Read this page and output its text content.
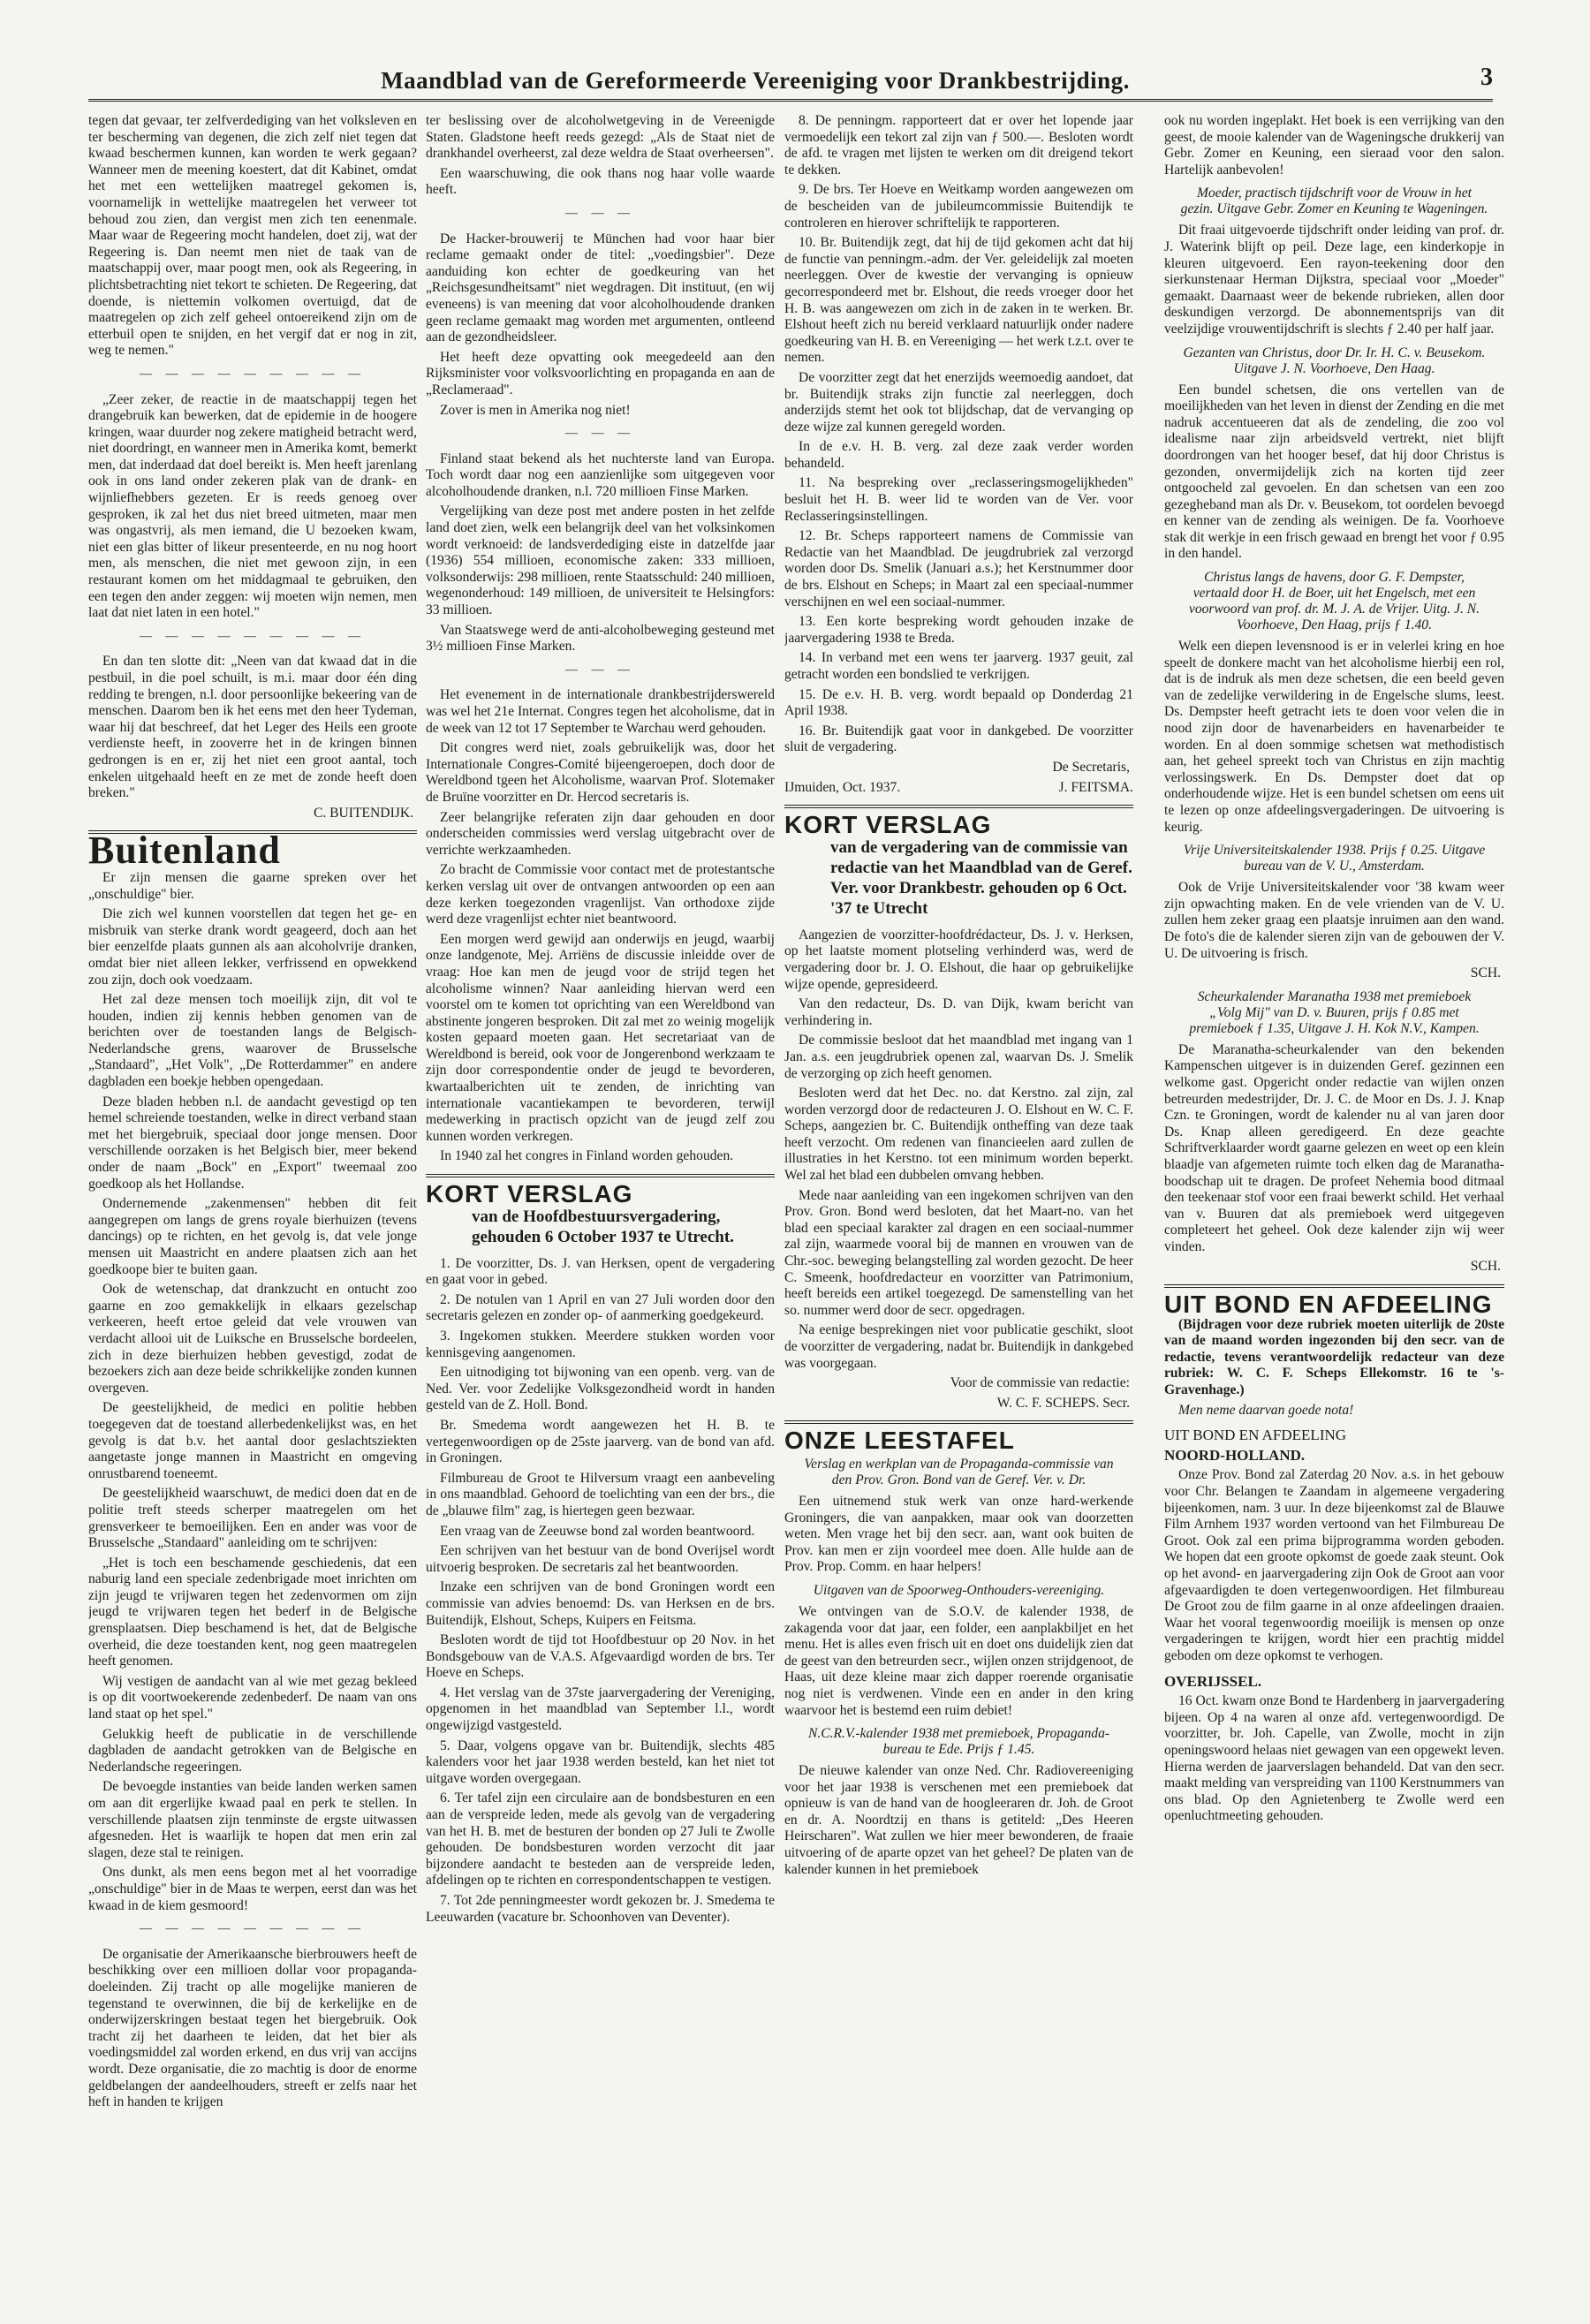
Maandblad van de Gereformeerde Vereeniging voor Drankbestrijding.	3

tegen dat gevaar, ter zelfverdediging van het volksleven en ter bescherming van degenen, die zich zelf niet tegen dat kwaad beschermen kunnen, kan worden te werk gegaan? Wanneer men de meening koestert, dat dit Kabinet, omdat het met een wettelijken maatregel gekomen is, voornamelijk in wettelijke maatregelen het verweer tot behoud zou zien, dan vergist men zich ten eenenmale. Maar waar de Regeering mocht handelen, doet zij, wat der Regeering is. Dan neemt men niet de taak van de maatschappij over, maar poogt men, ook als Regeering, in plichtsbetrachting niet tekort te schieten. De Regeering, dat doende, is niettemin volkomen overtuigd, dat de maatregelen op zich zelf geheel ontoereikend zijn om de etterbuil open te snijden, en het vergif dat er nog in zit, weg te nemen."

— — — — — — — — —

„Zeer zeker, de reactie in de maatschappij tegen het drangebruik kan bewerken, dat de epidemie in de hoogere kringen, waar duurder nog zekere matigheid betracht werd, niet doordringt, en wanneer men in Amerika komt, bemerkt men, dat inderdaad dat doel bereikt is. Men heeft jarenlang ook in ons land onder zekeren plak van de drank- en wijnliefhebbers gezeten. Er is reeds genoeg over gesproken, ik zal het dus niet breed uitmeten, maar men was ongastvrij, als men iemand, die U bezoeken kwam, niet een glas bitter of likeur presenteerde, en nu nog hoort men, als menschen, die niet met gewoon zijn, in een restaurant komen om het middagmaal te gebruiken, den een tegen den ander zeggen: wij moeten wijn nemen, men laat dat niet laten in een hotel."

— — — — — — — — —

En dan ten slotte dit: „Neen van dat kwaad dat in die pestbuil, in die poel schuilt, is m.i. maar door één ding redding te brengen, n.l. door persoonlijke bekeering van de menschen. Daarom ben ik het eens met den heer Tydeman, waar hij dat beschreef, dat het Leger des Heils een groote verdienste heeft, in zooverre het in de kringen binnen gedrongen is en er, zij het niet een groot aantal, toch enkelen uitgehaald heeft en ze met de zonde heeft doen breken."

C. BUITENDIJK.
Buitenland

Er zijn mensen die gaarne spreken over het „onschuldige" bier.

Die zich wel kunnen voorstellen dat tegen het ge- en misbruik van sterke drank wordt geageerd, doch aan het bier eenzelfde plaats gunnen als aan alcoholvrije dranken, omdat bier niet alleen lekker, verfrissend en opwekkend zou zijn, doch ook voedzaam.

Het zal deze mensen toch moeilijk zijn, dit vol te houden, indien zij kennis hebben genomen van de berichten over de toestanden langs de Belgisch-Nederlandsche grens, waarover de Brusselsche „Standaard", „Het Volk", „De Rotterdammer" en andere dagbladen een boekje hebben opengedaan.

Deze bladen hebben n.l. de aandacht gevestigd op ten hemel schreiende toestanden, welke in direct verband staan met het biergebruik, speciaal door jonge mensen. Door verschillende oorzaken is het Belgisch bier, meer bekend onder de naam „Bock" en „Export" tweemaal zoo goedkoop als het Hollandse.

Ondernemende „zakenmensen" hebben dit feit aangegrepen om langs de grens royale bierhuizen (tevens dancings) op te richten, en het gevolg is, dat vele jonge mensen uit Maastricht en andere plaatsen zich aan het goedkoope bier te buiten gaan.

Ook de wetenschap, dat drankzucht en ontucht zoo gaarne en zoo gemakkelijk in elkaars gezelschap verkeeren, heeft ertoe geleid dat vele vrouwen van verdacht allooi uit de Luiksche en Brusselsche bordeelen, zich in deze bierhuizen hebben gevestigd, zodat de bezoekers zich aan deze beide schrikkelijke zonden kunnen overgeven.

De geestelijkheid, de medici en politie hebben toegegeven dat de toestand allerbedenkelijkst was, en het gevolg is dat b.v. het aantal door geslachtsziekten aangetaste jonge mannen in Maastricht en omgeving onrustbarend toeneemt.

De geestelijkheid waarschuwt, de medici doen dat en de politie treft steeds scherper maatregelen om het grensverkeer te bemoeilijken. Een en ander was voor de Brusselsche „Standaard" aanleiding om te schrijven:

„Het is toch een beschamende geschiedenis, dat een naburig land een speciale zedenbrigade moet inrichten om zijn jeugd te vrijwaren tegen het zedenvormen om zijn jeugd te vrijwaren tegen het bederf in de Belgische grensplaatsen. Diep beschamend is het, dat de Belgische overheid, die deze toestanden kent, nog geen maatregelen heeft genomen.

Wij vestigen de aandacht van al wie met gezag bekleed is op dit voortwoekerende zedenbederf. De naam van ons land staat op het spel."

Gelukkig heeft de publicatie in de verschillende dagbladen de aandacht getrokken van de Belgische en Nederlandsche regeeringen.

De bevoegde instanties van beide landen werken samen om aan dit ergerlijke kwaad paal en perk te stellen. In verschillende plaatsen zijn tenminste de ergste uitwassen afgesneden. Het is waarlijk te hopen dat men erin zal slagen, deze stal te reinigen.

Ons dunkt, als men eens begon met al het voorradige „onschuldige" bier in de Maas te werpen, eerst dan was het kwaad in de kiem gesmoord!

— — — — — — — — —

De organisatie der Amerikaansche bierbrouwers heeft de beschikking over een millioen dollar voor propaganda-doeleinden. Zij tracht op alle mogelijke manieren de tegenstand te overwinnen, die bij de kerkelijke en de onderwijzerskringen bestaat tegen het biergebruik. Ook tracht zij het daarheen te leiden, dat het bier als voedingsmiddel zal worden erkend, en dus vrij van accijns wordt. Deze organisatie, die zo machtig is door de enorme geldbelangen der aandeelhouders, streeft er zelfs naar het heft in handen te krijgen

ter beslissing over de alcoholwetgeving in de Vereenigde Staten. Gladstone heeft reeds gezegd: „Als de Staat niet de drankhandel overheerst, zal deze weldra de Staat overheersen".

Een waarschuwing, die ook thans nog haar volle waarde heeft.

— — —

De Hacker-brouwerij te München had voor haar bier reclame gemaakt onder de titel: „voedingsbier". Deze aanduiding kon echter de goedkeuring van het „Reichsgesundheitsamt" niet wegdragen. Dit instituut, (en wij eveneens) is van meening dat voor alcoholhoudende dranken geen reclame gemaakt mag worden met argumenten, ontleend aan de gezondheidsleer.

Het heeft deze opvatting ook meegedeeld aan den Rijksminister voor volksvoorlichting en propaganda en aan de „Reclameraad".

Zover is men in Amerika nog niet!

— — —

Finland staat bekend als het nuchterste land van Europa. Toch wordt daar nog een aanzienlijke som uitgegeven voor alcoholhoudende dranken, n.l. 720 millioen Finse Marken.

Vergelijking van deze post met andere posten in het zelfde land doet zien, welk een belangrijk deel van het volksinkomen wordt verknoeid: de landsverdediging eiste in datzelfde jaar (1936) 554 millioen, economische zaken: 333 millioen, volksonderwijs: 298 millioen, rente Staatsschuld: 240 millioen, wegenonderhoud: 149 millioen, de universiteit te Helsingfors: 33 millioen.

Van Staatswege werd de anti-alcoholbeweging gesteund met 3½ millioen Finse Marken.

— — —

Het evenement in de internationale drankbestrijderswereld was wel het 21e Internat. Congres tegen het alcoholisme, dat in de week van 12 tot 17 September te Warchau werd gehouden.

Dit congres werd niet, zoals gebruikelijk was, door het Internationale Congres-Comité bijeengeroepen, doch door de Wereldbond tgeen het Alcoholisme, waarvan Prof. Slotemaker de Bruïne voorzitter en Dr. Hercod secretaris is.

Zeer belangrijke referaten zijn daar gehouden en door onderscheiden commissies werd verslag uitgebracht over de verrichte werkzaamheden.

Zo bracht de Commissie voor contact met de protestantsche kerken verslag uit over de ontvangen antwoorden op een aan deze kerken toegezonden vragenlijst. Van orthodoxe zijde werd deze vragenlijst echter niet beantwoord.

Een morgen werd gewijd aan onderwijs en jeugd, waarbij onze landgenote, Mej. Arriëns de discussie inleidde over de vraag: Hoe kan men de jeugd voor de strijd tegen het alcoholisme winnen? Naar aanleiding hiervan werd een voorstel om te komen tot oprichting van een Wereldbond van abstinente jongeren besproken. Dit zal met zo weinig mogelijk kosten gepaard moeten gaan. Het secretariaat van de Wereldbond is bereid, ook voor de Jongerenbond werkzaam te zijn door correspondentie onder de jeugd te bevorderen, kwartaalberichten uit te zenden, de inrichting van internationale vacantiekampen te bevorderen, terwijl medewerking in practisch opzicht van de jeugd zelf zou kunnen worden verkregen.

In 1940 zal het congres in Finland worden gehouden.

KORT VERSLAG
van de Hoofdbestuursvergadering, gehouden 6 October 1937 te Utrecht.

1. De voorzitter, Ds. J. van Herksen, opent de vergadering en gaat voor in gebed.

2. De notulen van 1 April en van 27 Juli worden door den secretaris gelezen en zonder op- of aanmerking goedgekeurd.

3. Ingekomen stukken. Meerdere stukken worden voor kennisgeving aangenomen.

Een uitnodiging tot bijwoning van een openb. verg. van de Ned. Ver. voor Zedelijke Volksgezondheid wordt in handen gesteld van de Z. Holl. Bond.

Br. Smedema wordt aangewezen het H. B. te vertegenwoordigen op de 25ste jaarverg. van de bond van afd. in Groningen.

Filmbureau de Groot te Hilversum vraagt een aanbeveling in ons maandblad. Gehoord de toelichting van een der brs., die de „blauwe film" zag, is hiertegen geen bezwaar.

Een vraag van de Zeeuwse bond zal worden beantwoord.

Een schrijven van het bestuur van de bond Overijsel wordt uitvoerig besproken. De secretaris zal het beantwoorden.

Inzake een schrijven van de bond Groningen wordt een commissie van advies benoemd: Ds. van Herksen en de brs. Buitendijk, Elshout, Scheps, Kuipers en Feitsma.

Besloten wordt de tijd tot Hoofdbestuur op 20 Nov. in het Bondsgebouw van de V.A.S. Afgevaardigd worden de brs. Ter Hoeve en Scheps.

4. Het verslag van de 37ste jaarvergadering der Vereniging, opgenomen in het maandblad van September l.l., wordt ongewijzigd vastgesteld.

5. Daar, volgens opgave van br. Buitendijk, slechts 485 kalenders voor het jaar 1938 werden besteld, kan het niet tot uitgave worden overgegaan.

6. Ter tafel zijn een circulaire aan de bondsbesturen en een aan de verspreide leden, mede als gevolg van de vergadering van het H. B. met de besturen der bonden op 27 Juli te Zwolle gehouden. De bondsbesturen worden verzocht dit jaar bijzondere aandacht te besteden aan de verspreide leden, afdelingen op te richten en correspondentschappen te vestigen.

7. Tot 2de penningmeester wordt gekozen br. J. Smedema te Leeuwarden (vacature br. Schoonhoven van Deventer).

8. De penningm. rapporteert dat er over het lopende jaar vermoedelijk een tekort zal zijn van ƒ 500.—. Besloten wordt de afd. te vragen met lijsten te werken om dit dreigend tekort te dekken.

9. De brs. Ter Hoeve en Weitkamp worden aangewezen om de bescheiden van de jubileumcommissie Buitendijk te controleren en hierover schriftelijk te rapporteren.

10. Br. Buitendijk zegt, dat hij de tijd gekomen acht dat hij de functie van penningm.-adm. der Ver. geleidelijk zal moeten neerleggen. Over de kwestie der vervanging is opnieuw gecorrespondeerd met br. Elshout, die reeds vroeger door het H. B. was aangewezen om zich in de zaken in te werken. Br. Elshout heeft zich nu bereid verklaard natuurlijk onder nadere goedkeuring van H. B. en Vereeniging — het werk t.z.t. over te nemen.

De voorzitter zegt dat het enerzijds weemoedig aandoet, dat br. Buitendijk straks zijn functie zal neerleggen, doch anderzijds stemt het ook tot blijdschap, dat de vervanging op deze wijze zal kunnen geregeld worden.

In de e.v. H. B. verg. zal deze zaak verder worden behandeld.

11. Na bespreking over „reclasseringsmogelijkheden" besluit het H. B. weer lid te worden van de Ver. voor Reclasseringsinstellingen.

12. Br. Scheps rapporteert namens de Commissie van Redactie van het Maandblad. De jeugdrubriek zal verzorgd worden door Ds. Smelik (Januari a.s.); het Kerstnummer door de brs. Elshout en Scheps; in Maart zal een speciaal-nummer verschijnen en wel een sociaal-nummer.

13. Een korte bespreking wordt gehouden inzake de jaarvergadering 1938 te Breda.

14. In verband met een wens ter jaarverg. 1937 geuit, zal getracht worden een bondslied te verkrijgen.

15. De e.v. H. B. verg. wordt bepaald op Donderdag 21 April 1938.

16. Br. Buitendijk gaat voor in dankgebed. De voorzitter sluit de vergadering.

De Secretaris,
IJmuiden, Oct. 1937.	J. FEITSMA.
KORT VERSLAG
van de vergadering van de commissie van redactie van het Maandblad van de Geref. Ver. voor Drankbestr. gehouden op 6 Oct. '37 te Utrecht

Aangezien de voorzitter-hoofdrédacteur, Ds. J. v. Herksen, op het laatste moment plotseling verhinderd was, werd de vergadering door br. J. O. Elshout, die haar op gebruikelijke wijze opende, gepresideerd.

Van den redacteur, Ds. D. van Dijk, kwam bericht van verhindering in.

De commissie besloot dat het maandblad met ingang van 1 Jan. a.s. een jeugdrubriek openen zal, waarvan Ds. J. Smelik de verzorging op zich heeft genomen.

Besloten werd dat het Dec. no. dat Kerstno. zal zijn, zal worden verzorgd door de redacteuren J. O. Elshout en W. C. F. Scheps, aangezien br. C. Buitendijk ontheffing van deze taak heeft verzocht. Om redenen van financieelen aard zullen de illustraties in het Kerstno. tot een minimum worden beperkt. Wel zal het blad een dubbelen omvang hebben.

Mede naar aanleiding van een ingekomen schrijven van den Prov. Gron. Bond werd besloten, dat het Maart-no. van het blad een speciaal karakter zal dragen en een sociaal-nummer zal zijn, waarmede vooral bij de mannen en vrouwen van de Chr.-soc. beweging belangstelling zal worden gezocht. De heer C. Smeenk, hoofdredacteur en voorzitter van Patrimonium, heeft bereids een artikel toegezegd. De samenstelling van het so. nummer werd door de secr. opgedragen.

Na eenige besprekingen niet voor publicatie geschikt, sloot de voorzitter de vergadering, nadat br. Buitendijk in dankgebed was voorgegaan.

Voor de commissie van redactie:
W. C. F. SCHEPS. Secr.
ONZE LEESTAFEL
Verslag en werkplan van de Propaganda-commissie van den Prov. Gron. Bond van de Geref. Ver. v. Dr.

Een uitnemend stuk werk van onze hard-werkende Groningers, die van aanpakken, maar ook van doorzetten weten. Men vrage het bij den secr. aan, want ook buiten de Prov. kan men er zijn voordeel mee doen. Alle hulde aan de Prov. Prop. Comm. en haar helpers!

Uitgaven van de Spoorweg-Onthouders-vereeniging.

We ontvingen van de S.O.V. de kalender 1938, de zakagenda voor dat jaar, een folder, een aanplakbiljet en het menu. Het is alles even frisch uit en doet ons duidelijk zien dat de geest van den betreurden secr., wijlen onzen strijdgenoot, de Haas, uit deze kleine maar zich dapper roerende organisatie nog niet is verdwenen. Vinde een en ander in den kring waarvoor het is bestemd een ruim debiet!

N.C.R.V.-kalender 1938 met premieboek, Propaganda-bureau te Ede. Prijs ƒ 1.45.

De nieuwe kalender van onze Ned. Chr. Radiovereeniging voor het jaar 1938 is verschenen met een premieboek dat opnieuw is van de hand van de hoogleeraren dr. Joh. de Groot en dr. A. Noordtzij en thans is getiteld: „Des Heeren Heirscharen". Wat zullen we hier meer bewonderen, de fraaie uitvoering of de aparte opzet van het geheel? De platen van de kalender kunnen in het premieboek

ook nu worden ingeplakt. Het boek is een verrijking van den geest, de mooie kalender van de Wageningsche drukkerij van Gebr. Zomer en Keuning, een sieraad voor den salon. Hartelijk aanbevolen!

Moeder, practisch tijdschrift voor de Vrouw in het gezin. Uitgave Gebr. Zomer en Keuning te Wageningen.

Dit fraai uitgevoerde tijdschrift onder leiding van prof. dr. J. Waterink blijft op peil. Deze lage, een kinderkopje in kleuren uitgevoerd. Een rayon-teekening door den sierkunstenaar Herman Dijkstra, speciaal voor „Moeder" gemaakt. Daarnaast weer de bekende rubrieken, allen door deskundigen verzorgd. De abonnementsprijs van dit veelzijdige vrouwentijdschrift is slechts ƒ 2.40 per half jaar.

Gezanten van Christus, door Dr. Ir. H. C. v. Beusekom. Uitgave J. N. Voorhoeve, Den Haag.

Een bundel schetsen, die ons vertellen van de moeilijkheden van het leven in dienst der Zending en die met nadruk accentueeren dat als de zendeling, die zoo vol idealisme naar zijn arbeidsveld vertrekt, niet blijft doordrongen van het hooger besef, dat hij door Christus is gezonden, onvermijdelijk zich na korten tijd zeer ontgoocheld zal gevoelen. En dan schetsen van een zoo gezegheband man als Dr. v. Beusekom, tot oordelen bevoegd en kenner van de zending als weinigen. De fa. Voorhoeve stak dit werkje in een frisch gewaad en brengt het voor ƒ 0.95 in den handel.

Christus langs de havens, door G. F. Dempster, vertaald door H. de Boer, uit het Engelsch, met een voorwoord van prof. dr. M. J. A. de Vrijer. Uitg. J. N. Voorhoeve, Den Haag, prijs ƒ 1.40.

Welk een diepen levensnood is er in velerlei kring en hoe speelt de donkere macht van het alcoholisme hierbij een rol, dat is de indruk als men deze schetsen, die een beeld geven van de zedelijke verwildering in de Engelsche slums, leest. Ds. Dempster heeft getracht iets te doen voor velen die in nood zijn door de havenarbeiders en havenarbeider te worden. En al doen sommige schetsen wat methodistisch aan, het geheel spreekt toch van Christus en zijn machtig verlossingswerk. En Ds. Dempster doet dat op onderhoudende wijze. Het is een bundel schetsen om eens uit te lezen op onze afdeelingsvergaderingen. De uitvoering is keurig.

Vrije Universiteitskalender 1938. Prijs ƒ 0.25. Uitgave bureau van de V. U., Amsterdam.

Ook de Vrije Universiteitskalender voor '38 kwam weer zijn opwachting maken. En de vele vrienden van de V. U. zullen hem zeker graag een plaatsje inruimen aan den wand. De foto's die de kalender sieren zijn van de gebouwen der V. U. De uitvoering is frisch.

SCH.
Scheurkalender Maranatha 1938 met premieboek „Volg Mij" van D. v. Buuren, prijs ƒ 0.85 met premieboek ƒ 1.35, Uitgave J. H. Kok N.V., Kampen.

De Maranatha-scheurkalender van den bekenden Kampenschen uitgever is in duizenden Geref. gezinnen een welkome gast. Opgericht onder redactie van wijlen onzen betreurden medestrijder, Dr. J. C. de Moor en Ds. J. J. Knap Czn. te Groningen, wordt de kalender nu al van jaren door Ds. Knap alleen geredigeerd. En deze geachte Schriftverklaarder wordt gaarne gelezen en weet op een klein blaadje van afgemeten ruimte toch elken dag de Maranatha-boodschap uit te dragen. De profeet Nehemia bood ditmaal den teekenaar stof voor een fraai bewerkt schild. Het verhaal van v. Buuren dat als premieboek werd uitgegeven completeert het geheel. Ook deze kalender zijn wij weer vinden.

SCH.
UIT BOND EN AFDEELING

(Bijdragen voor deze rubriek moeten uiterlijk de 20ste van de maand worden ingezonden bij den secr. van de redactie, tevens verantwoordelijk redacteur van deze rubriek: W. C. F. Scheps Ellekomstr. 16 te 's-Gravenhage.)

Men neme daarvan goede nota!

UIT BOND EN AFDEELING
NOORD-HOLLAND.

Onze Prov. Bond zal Zaterdag 20 Nov. a.s. in het gebouw voor Chr. Belangen te Zaandam in algemeene vergadering bijeenkomen, nam. 3 uur. In deze bijeenkomst zal de Blauwe Film Arnhem 1937 worden vertoond van het Filmbureau De Groot. Ook zal een prima bijprogramma worden geboden. We hopen dat een groote opkomst de goede zaak steunt. Ook op het avond- en jaarvergadering zijn Ook de Groot aan voor afgevaardigden te doen vertegenwoordigen. Het filmbureau De Groot zou de film gaarne in al onze afdeelingen draaien. Waar het vooral tegenwoordig moeilijk is mensen op onze vergaderingen te krijgen, wordt hier een prachtig middel geboden om deze opkomst te verhogen.

OVERIJSSEL.

16 Oct. kwam onze Bond te Hardenberg in jaarvergadering bijeen. Op 4 na waren al onze afd. vertegenwoordigd. De voorzitter, br. Joh. Capelle, van Zwolle, mocht in zijn openingswoord helaas niet gewagen van een opgewekt leven. Hierna werden de jaarverslagen behandeld. Dat van den secr. maakt melding van verspreiding van 1100 Kerstnummers van ons blad. Op den Agnietenberg te Zwolle werd een openluchtmeeting gehouden.
